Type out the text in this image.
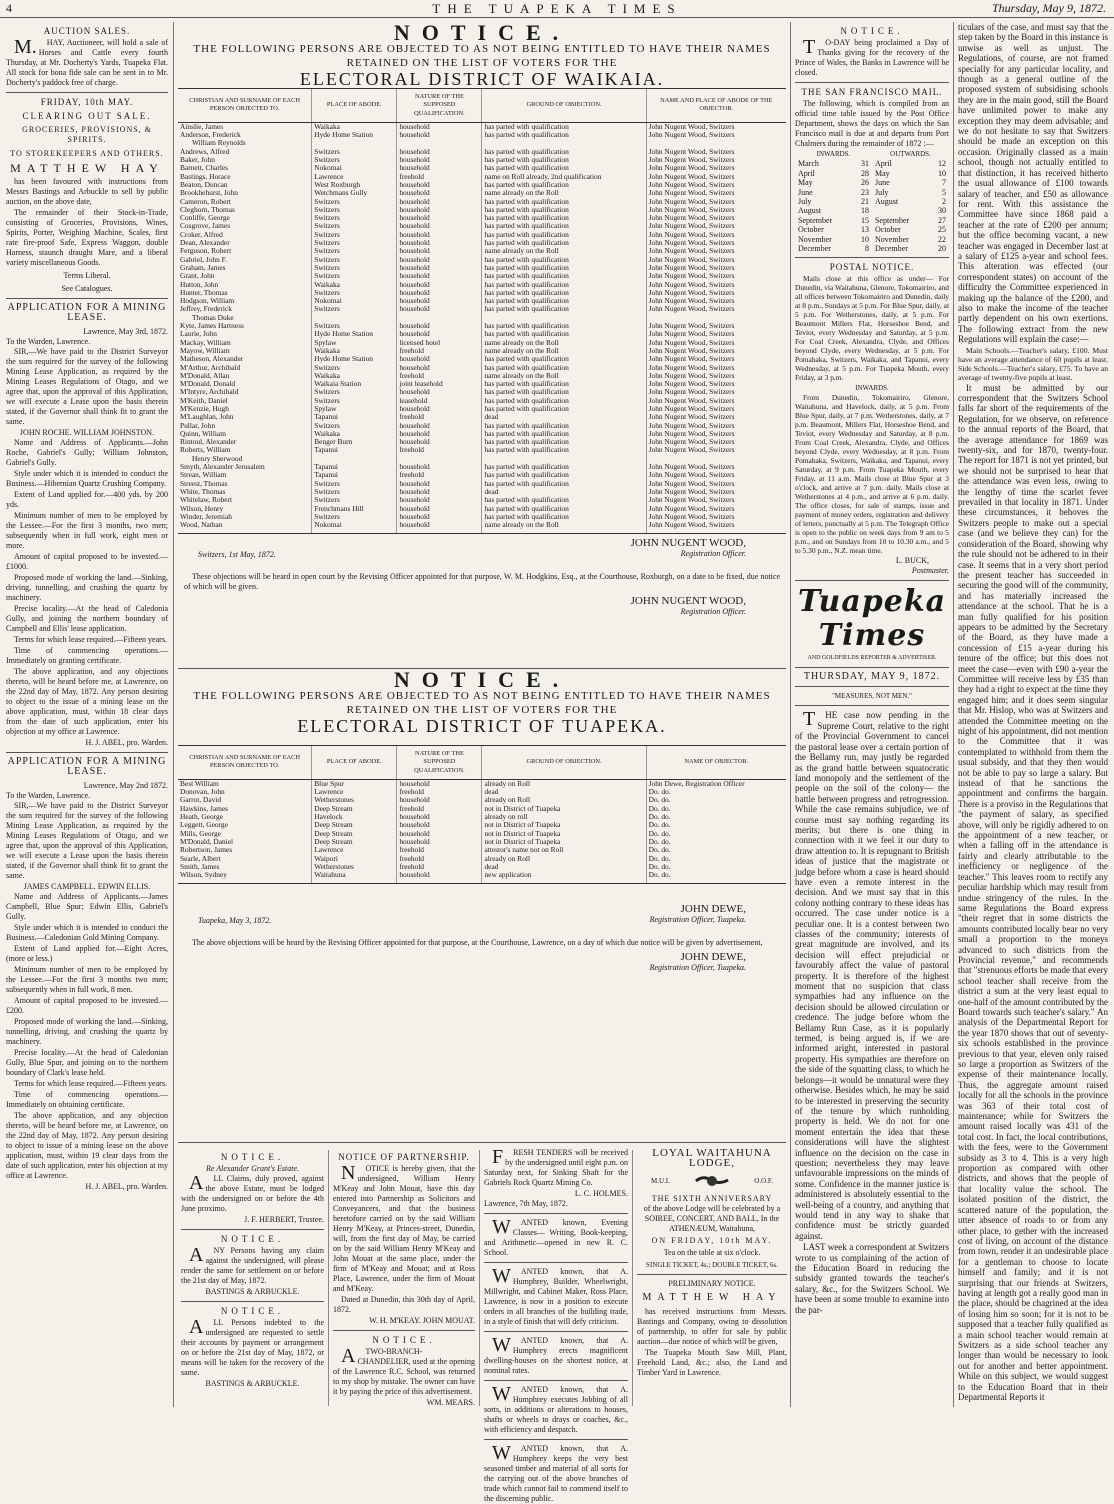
4	THE TUAPEKA TIMES	Thursday, May 9, 1872.
AUCTION SALES.

M.HAY, Auctioneer, will hold a sale of Horses and Cattle every fourth Thursday, at Mr. Docherty's Yards, Tuapeka Flat. All stock for bona fide sale can be sent in to Mr. Docherty's paddock free of charge.

FRIDAY, 10th MAY.
CLEARING OUT SALE.
GROCERIES, PROVISIONS, & SPIRITS.
TO STOREKEEPERS AND OTHERS.
MATTHEW HAY

has been favoured with instructions from Messrs Bastings and Arbuckle to sell by public auction, on the above date,

The remainder of their Stock-in-Trade, consisting of Groceries, Provisions, Wines, Spirits, Porter, Weighing Machine, Scales, first rate fire-proof Safe, Express Waggon, double Harness, staunch draught Mare, and a liberal variety miscellaneous Goods.

Terms Liberal.
See Catalogues.
APPLICATION FOR A MINING LEASE.
Lawrence, May 3rd, 1872.
To the Warden, Lawrence.

SIR,—We have paid to the District Surveyor the sum required for the survey of the following Mining Lease Application, as required by the Mining Leases Regulations of Otago, and we agree that, upon the approval of this Application, we will execute a Lease upon the basis therein stated, if the Governor shall think fit to grant the same.

JOHN ROCHE. WILLIAM JOHNSTON.

Name and Address of Applicants.—John Roche, Gabriel's Gully; William Johnston, Gabriel's Gully.

Style under which it is intended to conduct the Business.—Hibernian Quartz Crushing Company.

Extent of Land applied for.—400 yds. by 200 yds.

Minimum number of men to be employed by the Lessee.—For the first 3 months, two men; subsequently when in full work, eight men or more.

Amount of capital proposed to be invested.—£1000.

Proposed mode of working the land.—Sinking, driving, tunnelling, and crushing the quartz by machinery.

Precise locality.—At the head of Caledonia Gully, and joining the northern boundary of Campbell and Ellis' lease application.

Terms for which lease required.—Fifteen years.

Time of commencing operations.—Immediately on granting certificate.

The above application, and any objections thereto, will be heard before me, at Lawrence, on the 22nd day of May, 1872. Any person desiring to object to the issue of a mining lease on the above application, must, within 18 clear days from the date of such application, enter his objection at my office at Lawrence.

H. J. ABEL, pro. Warden.
APPLICATION FOR A MINING LEASE.
Lawrence, May 2nd 1872.
To the Warden, Lawrence.

SIR,—We have paid to the District Surveyor the sum required for the survey of the following Mining Lease Application, as required by the Mining Leases Regulations of Otago, and we agree that, upon the approval of this Application, we will execute a Lease upon the basis therein stated, if the Governor shall think fit to grant the same.

JAMES CAMPBELL. EDWIN ELLIS.

Name and Address of Applicants.—James Campbell, Blue Spur; Edwin Ellis, Gabriel's Gully.

Style under which it is intended to conduct the Business.—Caledonian Gold Mining Company.

Extent of Land applied for.—Eight Acres, (more or less.)

Minimum number of men to be employed by the Lessee.—For the first 3 months two men; subsequently when in full work, 8 men.

Amount of capital proposed to be invested.—£200.

Proposed mode of working the land.—Sinking, tunnelling, driving, and crushing the quartz by machinery.

Precise locality.—At the head of Caledonian Gully, Blue Spur, and joining on to the northern boundary of Clark's lease held.

Terms for which lease required.—Fifteen years.

Time of commencing operations.—Immediately on obtaining certificate.

The above application, and any objection thereto, will be heard before me, at Lawrence, on the 22nd day of May, 1872. Any person desiring to object to issue of a mining lease on the above application, must, within 19 clear days from the date of such application, enter his objection at my office at Lawrence.

H. J. ABEL, pro. Warden.
NOTICE.
THE FOLLOWING PERSONS ARE OBJECTED TO AS NOT BEING ENTITLED TO HAVE THEIR NAMES RETAINED ON THE LIST OF VOTERS FOR THE
ELECTORAL DISTRICT OF WAIKAIA.
CHRISTIAN AND SURNAME OF EACH PERSON OBJECTED TO.	PLACE OF ABODE.	NATURE OF THE SUPPOSED QUALIFICATION.	GROUND OF OBJECTION.	NAME AND PLACE OF ABODE OF THE OBJECTOR.
Ainslie, James	Waikaka	household	has parted with qualification	John Nugent Wood, Switzers
Anderson, Frederick	Hyde Home Station	household	has parted with qualification	John Nugent Wood, Switzers
William Reynolds				
Andrews, Alfred	Switzers	household	has parted with qualification	John Nugent Wood, Switzers
Baker, John	Switzers	household	has parted with qualification	John Nugent Wood, Switzers
Barnett, Charles	Nokomai	household	has parted with qualification	John Nugent Wood, Switzers
Bastings, Horace	Lawrence	freehold	name on Roll already, 2nd qualification	John Nugent Wood, Switzers
Beaton, Duncan	West Roxburgh	household	has parted with qualification	John Nugent Wood, Switzers
Brookhehurst, John	Wetchmans Gully	household	name already on the Roll	John Nugent Wood, Switzers
Cameron, Robert	Switzers	household	has parted with qualification	John Nugent Wood, Switzers
Cleghorn, Thomas	Switzers	household	has parted with qualification	John Nugent Wood, Switzers
Conliffe, George	Switzers	household	has parted with qualification	John Nugent Wood, Switzers
Cosgrove, James	Switzers	household	has parted with qualification	John Nugent Wood, Switzers
Croker, Alfred	Switzers	household	has parted with qualification	John Nugent Wood, Switzers
Dean, Alexander	Switzers	household	has parted with qualification	John Nugent Wood, Switzers
Ferguson, Robert	Switzers	household	name already on the Roll	John Nugent Wood, Switzers
Gabriel, John F.	Switzers	household	has parted with qualification	John Nugent Wood, Switzers
Graham, James	Switzers	household	has parted with qualification	John Nugent Wood, Switzers
Grant, John	Switzers	household	has parted with qualification	John Nugent Wood, Switzers
Hutton, John	Waikaka	household	has parted with qualification	John Nugent Wood, Switzers
Hunter, Thomas	Switzers	household	has parted with qualification	John Nugent Wood, Switzers
Hodgson, William	Nokomai	household	has parted with qualification	John Nugent Wood, Switzers
Jeffrey, Frederick	Switzers	household	has parted with qualification	John Nugent Wood, Switzers
Thomas Duke				
Kyte, James Hartness	Switzers	household	has parted with qualification	John Nugent Wood, Switzers
Laurie, John	Hyde Home Station	household	has parted with qualification	John Nugent Wood, Switzers
Mackay, William	Spylaw	licensed hotel	name already on the Roll	John Nugent Wood, Switzers
Mayow, William	Waikaka	freehold	name already on the Roll	John Nugent Wood, Switzers
Matheson, Alexander	Hyde Home Station	household	has parted with qualification	John Nugent Wood, Switzers
M'Arthur, Archibald	Switzers	household	has parted with qualification	John Nugent Wood, Switzers
M'Donald, Allan	Waikaka	freehold	name already on the Roll	John Nugent Wood, Switzers
M'Donald, Donald	Waikaia Station	joint leasehold	has parted with qualification	John Nugent Wood, Switzers
M'Intyre, Archibald	Switzers	household	has parted with qualification	John Nugent Wood, Switzers
M'Keith, Daniel	Switzers	leasehold	has parted with qualification	John Nugent Wood, Switzers
M'Kenzie, Hugh	Spylaw	household	has parted with qualification	John Nugent Wood, Switzers
M'Laughlan, John	Tapanui	freehold	dead	John Nugent Wood, Switzers
Pullar, John	Switzers	household	has parted with qualification	John Nugent Wood, Switzers
Quinn, William	Waikaka	household	has parted with qualification	John Nugent Wood, Switzers
Rintoul, Alexander	Benger Burn	household	has parted with qualification	John Nugent Wood, Switzers
Roberts, William	Tapanui	freehold	has parted with qualification	John Nugent Wood, Switzers
Henry Sherwood				
Smyth, Alexander Jerusalem	Tapanui	household	has parted with qualification	John Nugent Wood, Switzers
Strean, William	Tapanui	freehold	has parted with qualification	John Nugent Wood, Switzers
Streest, Thomas	Switzers	household	has parted with qualification	John Nugent Wood, Switzers
White, Thomas	Switzers	household	dead	John Nugent Wood, Switzers
Whitelaw, Robert	Switzers	household	has parted with qualification	John Nugent Wood, Switzers
Wilson, Henry	Frenchmans Hill	household	has parted with qualification	John Nugent Wood, Switzers
Winder, Jeremiah	Switzers	household	has parted with qualification	John Nugent Wood, Switzers
Wood, Nathan	Nokomai	household	name already on the Roll	John Nugent Wood, Switzers
Switzers, 1st May, 1872.
JOHN NUGENT WOOD,
Registration Officer.

These objections will be heard in open court by the Revising Officer appointed for that purpose, W. M. Hodgkins, Esq., at the Courthouse, Roxburgh, on a date to be fixed, due notice of which will be given.

JOHN NUGENT WOOD,
Registration Officer.
NOTICE.
THE FOLLOWING PERSONS ARE OBJECTED TO AS NOT BEING ENTITLED TO HAVE THEIR NAMES RETAINED ON THE LIST OF VOTERS FOR THE
ELECTORAL DISTRICT OF TUAPEKA.
CHRISTIAN AND SURNAME OF EACH PERSON OBJECTED TO.	PLACE OF ABODE.	NATURE OF THE SUPPOSED QUALIFICATION.	GROUND OF OBJECTION.	NAME OF OBJECTOR.
Best William	Blue Spur	household	already on Roll	John Dewe, Registration Officer
Donovan, John	Lawrence	freehold	dead	Do. do.
Garrot, David	Wetherstones	household	already on Roll	Do. do.
Hawkins, James	Deep Stream	freehold	not in District of Tuapeka	Do. do.
Heath, George	Havelock	household	already on roll	Do. do.
Leggett, George	Deep Stream	household	not in District of Tuapeka	Do. do.
Mills, George	Deep Stream	household	not in District of Tuapeka	Do. do.
M'Donald, Daniel	Deep Stream	household	not in District of Tuapeka	Do. do.
Robertson, James	Lawrence	freehold	attestor's name not on Roll	Do. do.
Searle, Albert	Waipori	freehold	already on Roll	Do. do.
Smith, James	Wetherstones	freehold	dead	Do. do.
Wilson, Sydney	Waitahuna	household	new application	Do. do.
Tuapeka, May 3, 1872.
JOHN DEWE,
Registration Officer, Tuapeka.

The above objections will be heard by the Revising Officer appointed for that purpose, at the Courthouse, Lawrence, on a day of which due notice will be given by advertisement,

JOHN DEWE,
Registration Officer, Tuapeka.
NOTICE.
Re Alexander Grant's Estate.

ALL Claims, duly proved, against the above Estate, must be lodged with the undersigned on or before the 4th June proximo.

J. F. HERBERT, Trustee.
NOTICE.

ANY Persons having any claim against the undersigned, will please render the same for settlement on or before the 21st day of May, 1872.

BASTINGS & ARBUCKLE.
NOTICE.

ALL Persons indebted to the undersigned are requested to settle their accounts by payment or arrangement on or before the 21st day of May, 1872, or means will be taken for the recovery of the same.

BASTINGS & ARBUCKLE.
NOTICE OF PARTNERSHIP.

NOTICE is hereby given, that the undersigned, William Henry M'Keay and John Mouat, have this day entered into Partnership as Solicitors and Conveyancers, and that the business heretofore carried on by the said William Henry M'Keay, at Princes-street, Dunedin, will, from the first day of May, be carried on by the said William Henry M'Keay and John Mouat at the same place, under the firm of M'Keay and Mouat; and at Ross Place, Lawrence, under the firm of Mouat and M'Keay.

Dated at Dunedin, this 30th day of April, 1872.

W. H. M'KEAY. JOHN MOUAT.
NOTICE.

ATWO-BRANCH-CHANDELIER, used at the opening of the Lawrence R.C. School, was returned to my shop by mistake. The owner can have it by paying the price of this advertisement.

WM. MEARS.

FRESH TENDERS will be received by the undersigned until eight p.m. on Saturday next, for Sinking Shaft for the Gabriels Rock Quartz Mining Co.

L. C. HOLMES.
Lawrence, 7th May, 1872.

WANTED known, Evening Classes— Writing, Book-keeping, and Arithmetic—opened in new R. C. School.

WANTED known, that A. Humphrey, Builder, Wheelwright, Millwright, and Cabinet Maker, Ross Place, Lawrence, is now in a position to execute orders in all branches of the building trade, in a style of finish that will defy criticism.

WANTED known, that A. Humphrey erects magnificent dwelling-houses on the shortest notice, at nominal rates.

WANTED known, that A. Humphrey executes Jobbing of all sorts, in additions or alterations to houses, shafts or wheels to drays or coaches, &c., with efficiency and despatch.

WANTED known, that A. Humphrey keeps the very best seasoned timber and material of all sorts for the carrying out of the above branches of trade which cannot fail to commend itself to the discerning public.

LOYAL WAITAHUNA LODGE,
M.U.I.	O.O.F.
THE SIXTH ANNIVERSARY

of the above Lodge will be celebrated by a SOIREE, CONCERT, AND BALL, In the ATHENÆUM, Waitahuna,

ON FRIDAY, 10th MAY.
Tea on the table at six o'clock.
SINGLE TICKET, 4s.; DOUBLE TICKET, 6s.
PRELIMINARY NOTICE.
MATTHEW HAY

has received instructions from Messrs. Bastings and Company, owing to dissolution of partnership, to offer for sale by public auction—due notice of which will be given,

The Tuapeka Mouth Saw Mill, Plant, Freehold Land, &c.; also, the Land and Timber Yard in Lawrence.

NOTICE.

TO-DAY being proclaimed a Day of Thanks giving for the recovery of the Prince of Wales, the Banks in Lawrence will be closed.

THE SAN FRANCISCO MAIL.

The following, which is compiled from an official time table issued by the Post Office Department, shows the days on which the San Francisco mail is due at and departs from Port Chalmers during the remainder of 1872 :—

INWARDS.		OUTWARDS.	
March	31	April	12
April	28	May	10
May	26	June	7
June	23	July	5
July	21	August	2
August	18		30
September	15	September	27
October	13	October	25
November	10	November	22
December	8	December	20
POSTAL NOTICE.

Mails close at this office as under— For Dunedin, via Waitahuna, Glenore, Tokomairiro, and all offices between Tokomairiro and Dunedin, daily at 8 p.m., Sundays at 5 p.m. For Blue Spur, daily, at 5 p.m. For Wetherstones, daily, at 5 p.m. For Beaumont Millers Flat, Horseshoe Bend, and Teviot, every Wednesday and Saturday, at 5 p.m. For Coal Creek, Alexandra, Clyde, and Offices beyond Clyde, every Wednesday, at 5 p.m. For Pomahaka, Switzers, Waikaka, and Tapanui, every Wednesday, at 5 p.m. For Tuapeka Mouth, every Friday, at 3 p.m.

INWARDS.

From Dunedin, Tokomairiro, Glenore, Waitahuna, and Havelock, daily, at 5 p.m. From Blue Spur, daily, at 7 p.m. Wetherstones, daily, at 7 p.m. Beaumont, Millers Flat, Horseshoe Bend, and Teviot, every Wednesday and Saturday, at 8 p.m. From Coal Creek, Alexandra, Clyde, and Offices beyond Clyde, every Wednesday, at 8 p.m. From Pomahaka, Switzers, Waikaka, and Tapanui, every Saturday, at 9 p.m. From Tuapeka Mouth, every Friday, at 11 a.m. Mails close at Blue Spur at 3 o'clock, and arrive at 7 p.m. daily. Mails close at Wetherstones at 4 p.m., and arrive at 6 p.m. daily. The office closes, for sale of stamps, issue and payment of money orders, registration and delivery of letters, punctually at 5 p.m. The Telegraph Office is open to the public on week days from 9 am to 5 p.m., and on Sundays from 10 to 10.30 a.m., and 5 to 5.30 p.m., N.Z. mean time.

L. BUCK,
Postmaster.
Tuapeka Times
AND GOLDFIELDS REPORTER & ADVERTISER.
THURSDAY, MAY 9, 1872.
"MEASURES, NOT MEN."

THE case now pending in the Supreme Court, relative to the right of the Provincial Government to cancel the pastoral lease over a certain portion of the Bellamy run, may justly be regarded as the grand battle between squatocratic land monopoly and the settlement of the people on the soil of the colony— the battle between progress and retrogression. While the case remains subjudice, we of course must say nothing regarding its merits; but there is one thing in connection with it we feel it our duty to draw attention to. It is repugnant to British ideas of justice that the magistrate or judge before whom a case is heard should have even a remote interest in the decision. And we must say that in this colony nothing contrary to these ideas has occurred. The case under notice is a peculiar one. It is a contest between two classes of the community; interests of great magnitude are involved, and its decision will effect prejudicial or favourably affect the value of pastoral property. It is therefore of the highest moment that no suspicion that class sympathies had any influence on the decision should be allowed circulation or credence. The judge before whom the Bellamy Run Case, as it is popularly termed, is being argued is, if we are informed aright, interested in pastoral property. His sympathies are therefore on the side of the squatting class, to which he belongs—it would be unnatural were they otherwise. Besides which, he may be said to be interested in preserving the security of the tenure by which runholding property is held. We do not for one moment entertain the idea that these considerations will have the slightest influence on the decision on the case in question; nevertheless they may leave unfavourable impressions on the minds of some. Confidence in the manner justice is administered is absolutely essential to the well-being of a country, and anything that would tend in any way to shake that confidence must be strictly guarded against.

LAST week a correspondent at Switzers wrote to us complaining of the action of the Education Board in reducing the subsidy granted towards the teacher's salary, &c., for the Switzers School. We have been at some trouble to examine into the par-

ticulars of the case, and must say that the step taken by the Board in this instance is unwise as well as unjust. The Regulations, of course, are not framed specially for any particular locality, and though as a general outline of the proposed system of subsidising schools they are in the main good, still the Board have unlimited power to make any exception they may deem advisable; and we do not hesitate to say that Switzers should be made an exception on this occasion. Originally classed as a main school, though not actually entitled to that distinction, it has received hitherto the usual allowance of £100 towards salary of teacher, and £50 as allowance for rent. With this assistance the Committee have since 1868 paid a teacher at the rate of £200 per annum; but the office becoming vacant, a new teacher was engaged in December last at a salary of £125 a-year and school fees. This alteration was effected (our correspondent states) on account of the difficulty the Committee experienced in making up the balance of the £200, and also to make the income of the teacher partly dependent on his own exertions. The following extract from the new Regulations will explain the case:—

Main Schools.—Teacher's salary, £100. Must have an average attendance of 60 pupils at least. Side Schools.—Teacher's salary, £75. To have an average of twenty-five pupils at least.

It must be admitted by our correspondent that the Switzers School falls far short of the requirements of the Regulation, for we observe, on reference to the annual reports of the Board, that the average attendance for 1869 was twenty-six, and for 1870, twenty-four. The report for 1871 is not yet printed, but we should not be surprised to hear that the attendance was even less, owing to the lengthy of time the scarlet fever prevailed in that locality in 1871. Under these circumstances, it behoves the Switzers people to make out a special case (and we believe they can) for the consideration of the Board, showing why the rule should not be adhered to in their case. It seems that in a very short period the present teacher has succeeded in securing the good will of the community, and has materially increased the attendance at the school. That he is a man fully qualified for his position appears to be admitted by the Secretary of the Board, as they have made a concession of £15 a-year during his tenure of the office; but this does not meet the case—even with £90 a-year the Committee will receive less by £35 than they had a right to expect at the time they engaged him; and it does seem singular that Mr. Hislop, who was at Switzers and attended the Committee meeting on the night of his appointment, did not mention to the Committee that it was contemplated to withhold from them the usual subsidy, and that they then would not be able to pay so large a salary. But instead of that he sanctions the appointment and confirms the bargain. There is a proviso in the Regulations that "the payment of salary, as specified above, will only be rigidly adhered to on the appointment of a new teacher, or when a falling off in the attendance is fairly and clearly attributable to the inefficiency or negligence of the teacher." This leaves room to rectify any peculiar hardship which may result from undue stringency of the rules. In the same Regulations the Board express "their regret that in some districts the amounts contributed locally bear no very small a proportion to the moneys advanced to such districts from the Provincial revenue," and recommends that "strenuous efforts be made that every school teacher shall receive from the district a sum at the very least equal to one-half of the amount contributed by the Board towards such teacher's salary." An analysis of the Departmental Report for the year 1870 shows that out of seventy-six schools established in the province previous to that year, eleven only raised so large a proportion as Switzers of the expense of their maintenance locally. Thus, the aggregate amount raised locally for all the schools in the province was 363 of their total cost of maintenance; while for Switzers the amount raised locally was 431 of the total cost. In fact, the local contributions, with the fees, were to the Government subsidy as 3 to 4. This is a very high proportion as compared with other districts, and shows that the people of that locality value the school. The isolated position of the district, the scattered nature of the population, the utter absence of roads to or from any other place, to gether with the increased cost of living, on account of the distance from town, render it an undesirable place for a gentleman to choose to locate himself and family; and it is not surprising that our friends at Switzers, having at length got a really good man in the place, should be chagrined at the idea of losing him so soon; for it is not to be supposed that a teacher fully qualified as a main school teacher would remain at Switzers as a side school teacher any longer than would be necessary to look out for another and better appointment. While on this subject, we would suggest to the Education Board that in their Departmental Reports it
